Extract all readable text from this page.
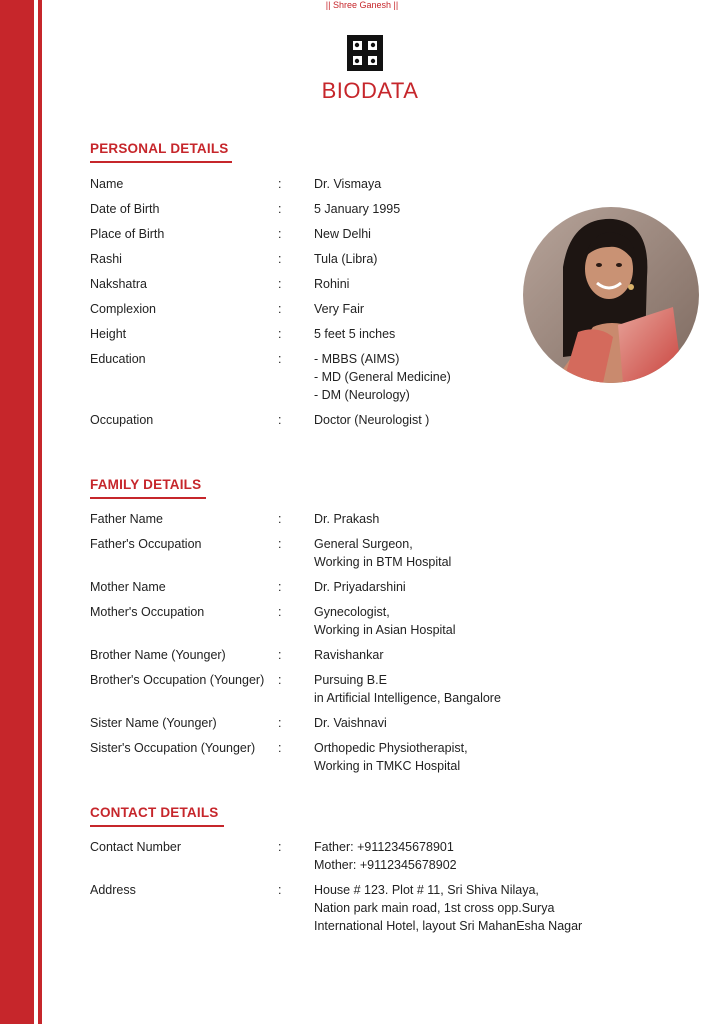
|| Shree Ganesh ||
BIODATA
PERSONAL DETAILS
Name	:	Dr. Vismaya
Date of Birth	:	5 January 1995
Place of Birth	:	New Delhi
Rashi	:	Tula (Libra)
Nakshatra	:	Rohini
Complexion	:	Very Fair
Height	:	5 feet 5 inches
Education	:	- MBBS (AIMS)
- MD (General Medicine)
- DM (Neurology)
Occupation	:	Doctor (Neurologist )
FAMILY DETAILS
Father Name	:	Dr. Prakash
Father's Occupation	:	General Surgeon,
Working in BTM Hospital
Mother Name	:	Dr. Priyadarshini
Mother's Occupation	:	Gynecologist,
Working in Asian Hospital
Brother Name (Younger)	:	Ravishankar
Brother's Occupation (Younger) :	Pursuing B.E
in Artificial Intelligence, Bangalore
Sister Name (Younger)	:	Dr. Vaishnavi
Sister's Occupation (Younger) :	Orthopedic Physiotherapist,
Working in TMKC Hospital
CONTACT DETAILS
Contact Number	:	Father: +9112345678901
Mother: +9112345678902
Address	:	House # 123. Plot # 11, Sri Shiva Nilaya,
Nation park main road, 1st cross opp.Surya
International Hotel, layout Sri MahanEsha Nagar
